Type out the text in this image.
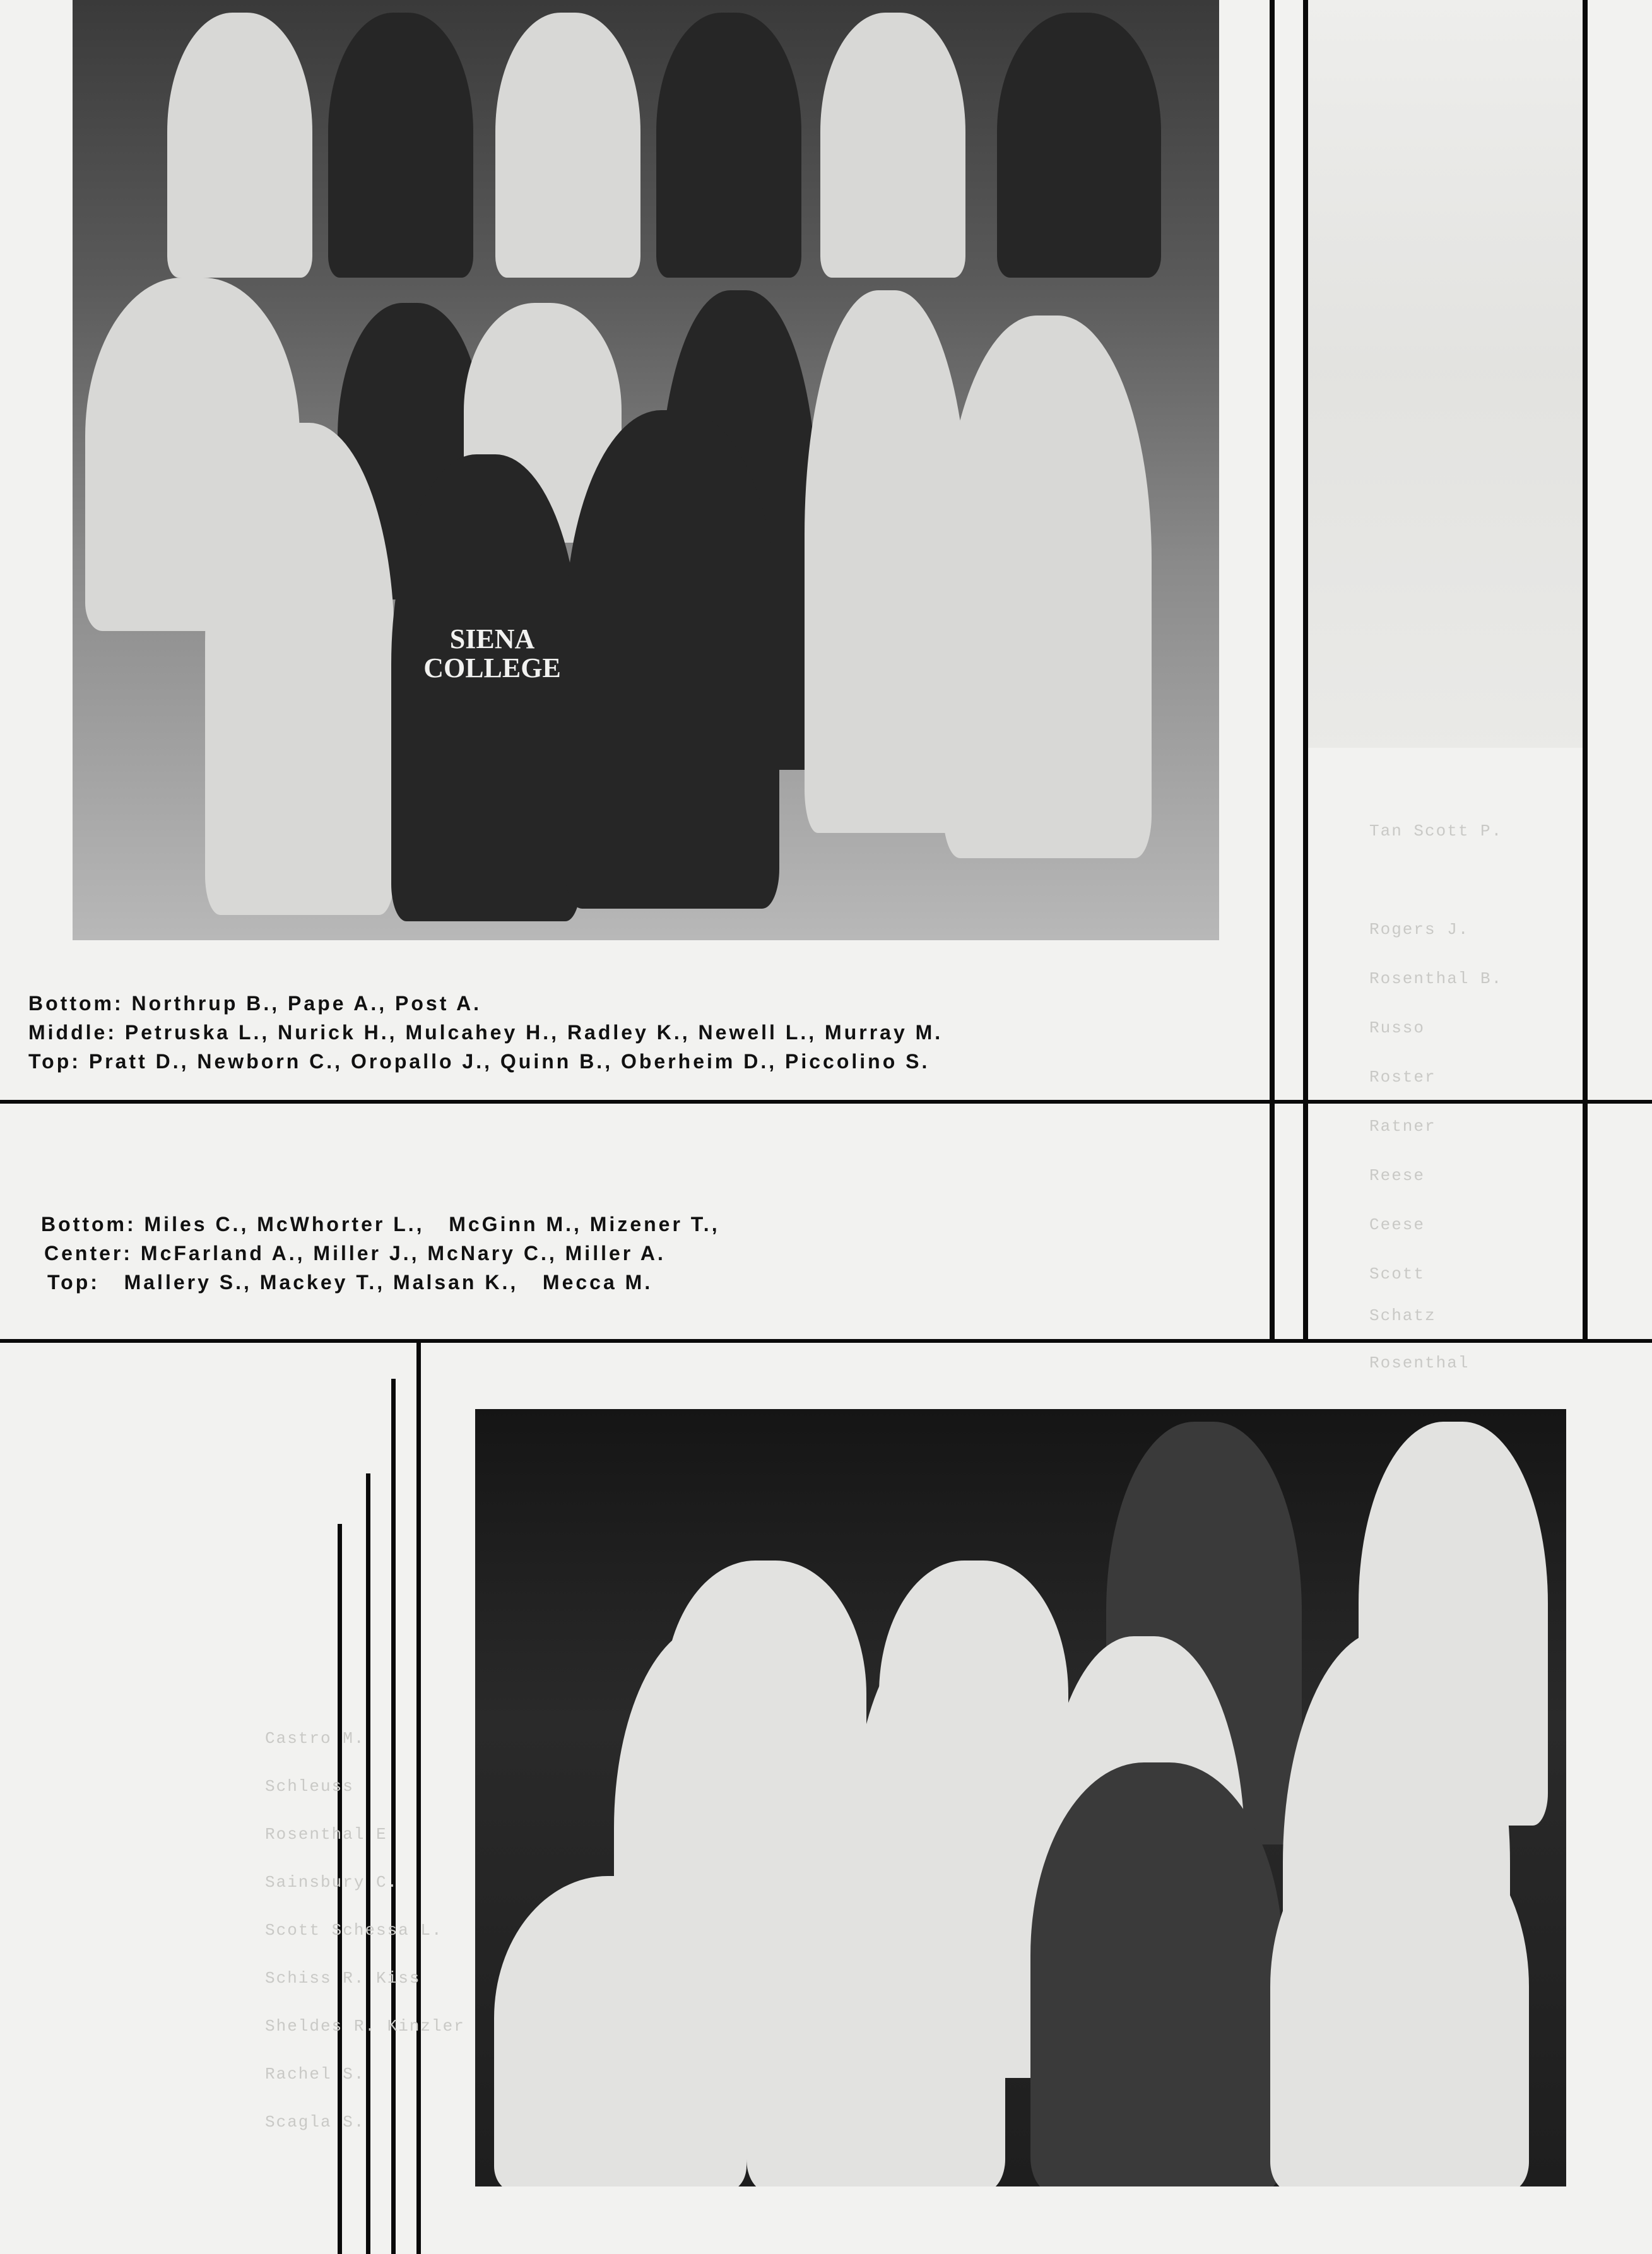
SIENA COLLEGE
Bottom: Northrup B., Pape A., Post A.
Middle: Petruska L., Nurick H., Mulcahey H., Radley K., Newell L., Murray M.
Top: Pratt D., Newborn C., Oropallo J., Quinn B., Oberheim D., Piccolino S.
Bottom: Miles C., McWhorter L.,   McGinn M., Mizener T.,
Center: McFarland A., Miller J., McNary C., Miller A.
Top:   Mallery S., Mackey T., Malsan K.,   Mecca M.
Tan Scott P.
Rogers J.
Rosenthal B.
Russo
Roster
Ratner
Reese
Ceese
Scott
Schatz
Rosenthal
Castro M.
Schleuss
Rosenthal E
Sainsbury C.
Scott Schessa L.
Schiss R. Kiss
Sheldes R. Kinzler
Rachel S.
Scagla S.
